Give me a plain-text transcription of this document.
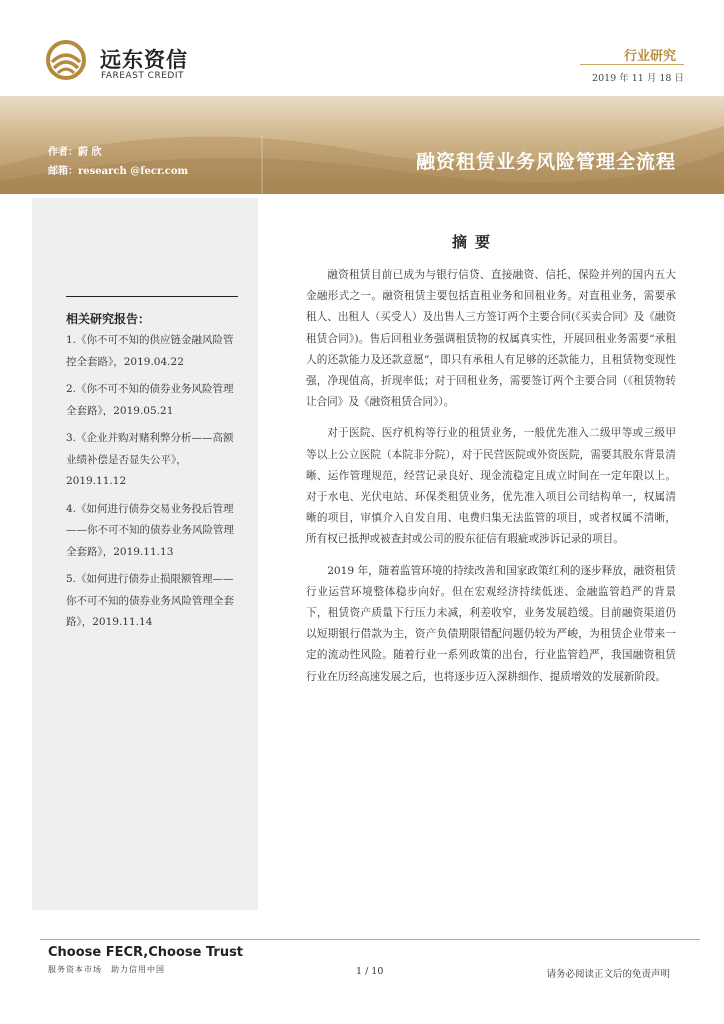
远东资信
FAREAST CREDIT
行业研究
2019 年 11 月 18 日
作者：蔚 欣
邮箱：research @fecr.com	融资租赁业务风险管理全流程
相关研究报告：
1.《你不可不知的供应链金融风险管控全套路》，2019.04.22
2.《你不可不知的债券业务风险管理全套路》，2019.05.21
3.《企业并购对赌利弊分析——高额业绩补偿是否显失公平》，2019.11.12
4.《如何进行债券交易业务投后管理——你不可不知的债券业务风险管理全套路》，2019.11.13
5.《如何进行债券止损限额管理——你不可不知的债券业务风险管理全套路》，2019.11.14
摘要

融资租赁目前已成为与银行信贷、直接融资、信托、保险并列的国内五大金融形式之一。融资租赁主要包括直租业务和回租业务。对直租业务，需要承租人、出租人（买受人）及出售人三方签订两个主要合同(《买卖合同》及《融资租赁合同》)。售后回租业务强调租赁物的权属真实性，开展回租业务需要“承租人的还款能力及还款意愿”，即只有承租人有足够的还款能力，且租赁物变现性强，净现值高，折现率低；对于回租业务，需要签订两个主要合同（《租赁物转让合同》及《融资租赁合同》）。

对于医院、医疗机构等行业的租赁业务，一般优先准入二级甲等或三级甲等以上公立医院（本院非分院），对于民营医院或外资医院，需要其股东背景清晰、运作管理规范，经营记录良好、现金流稳定且成立时间在一定年限以上。对于水电、光伏电站、环保类租赁业务，优先准入项目公司结构单一，权属清晰的项目，审慎介入自发自用、电费归集无法监管的项目，或者权属不清晰，所有权已抵押或被查封或公司的股东征信有瑕疵或涉诉记录的项目。

2019 年，随着监管环境的持续改善和国家政策红利的逐步释放，融资租赁行业运营环境整体稳步向好。但在宏观经济持续低迷、金融监管趋严的背景下，租赁资产质量下行压力未减，利差收窄，业务发展趋缓。目前融资渠道仍以短期银行借款为主，资产负债期限错配问题仍较为严峻，为租赁企业带来一定的流动性风险。随着行业一系列政策的出台，行业监管趋严，我国融资租赁行业在历经高速发展之后，也将逐步迈入深耕细作、提质增效的发展新阶段。

Choose FECR,Choose Trust
服务资本市场　助力信用中国	1 / 10	请务必阅读正文后的免责声明
